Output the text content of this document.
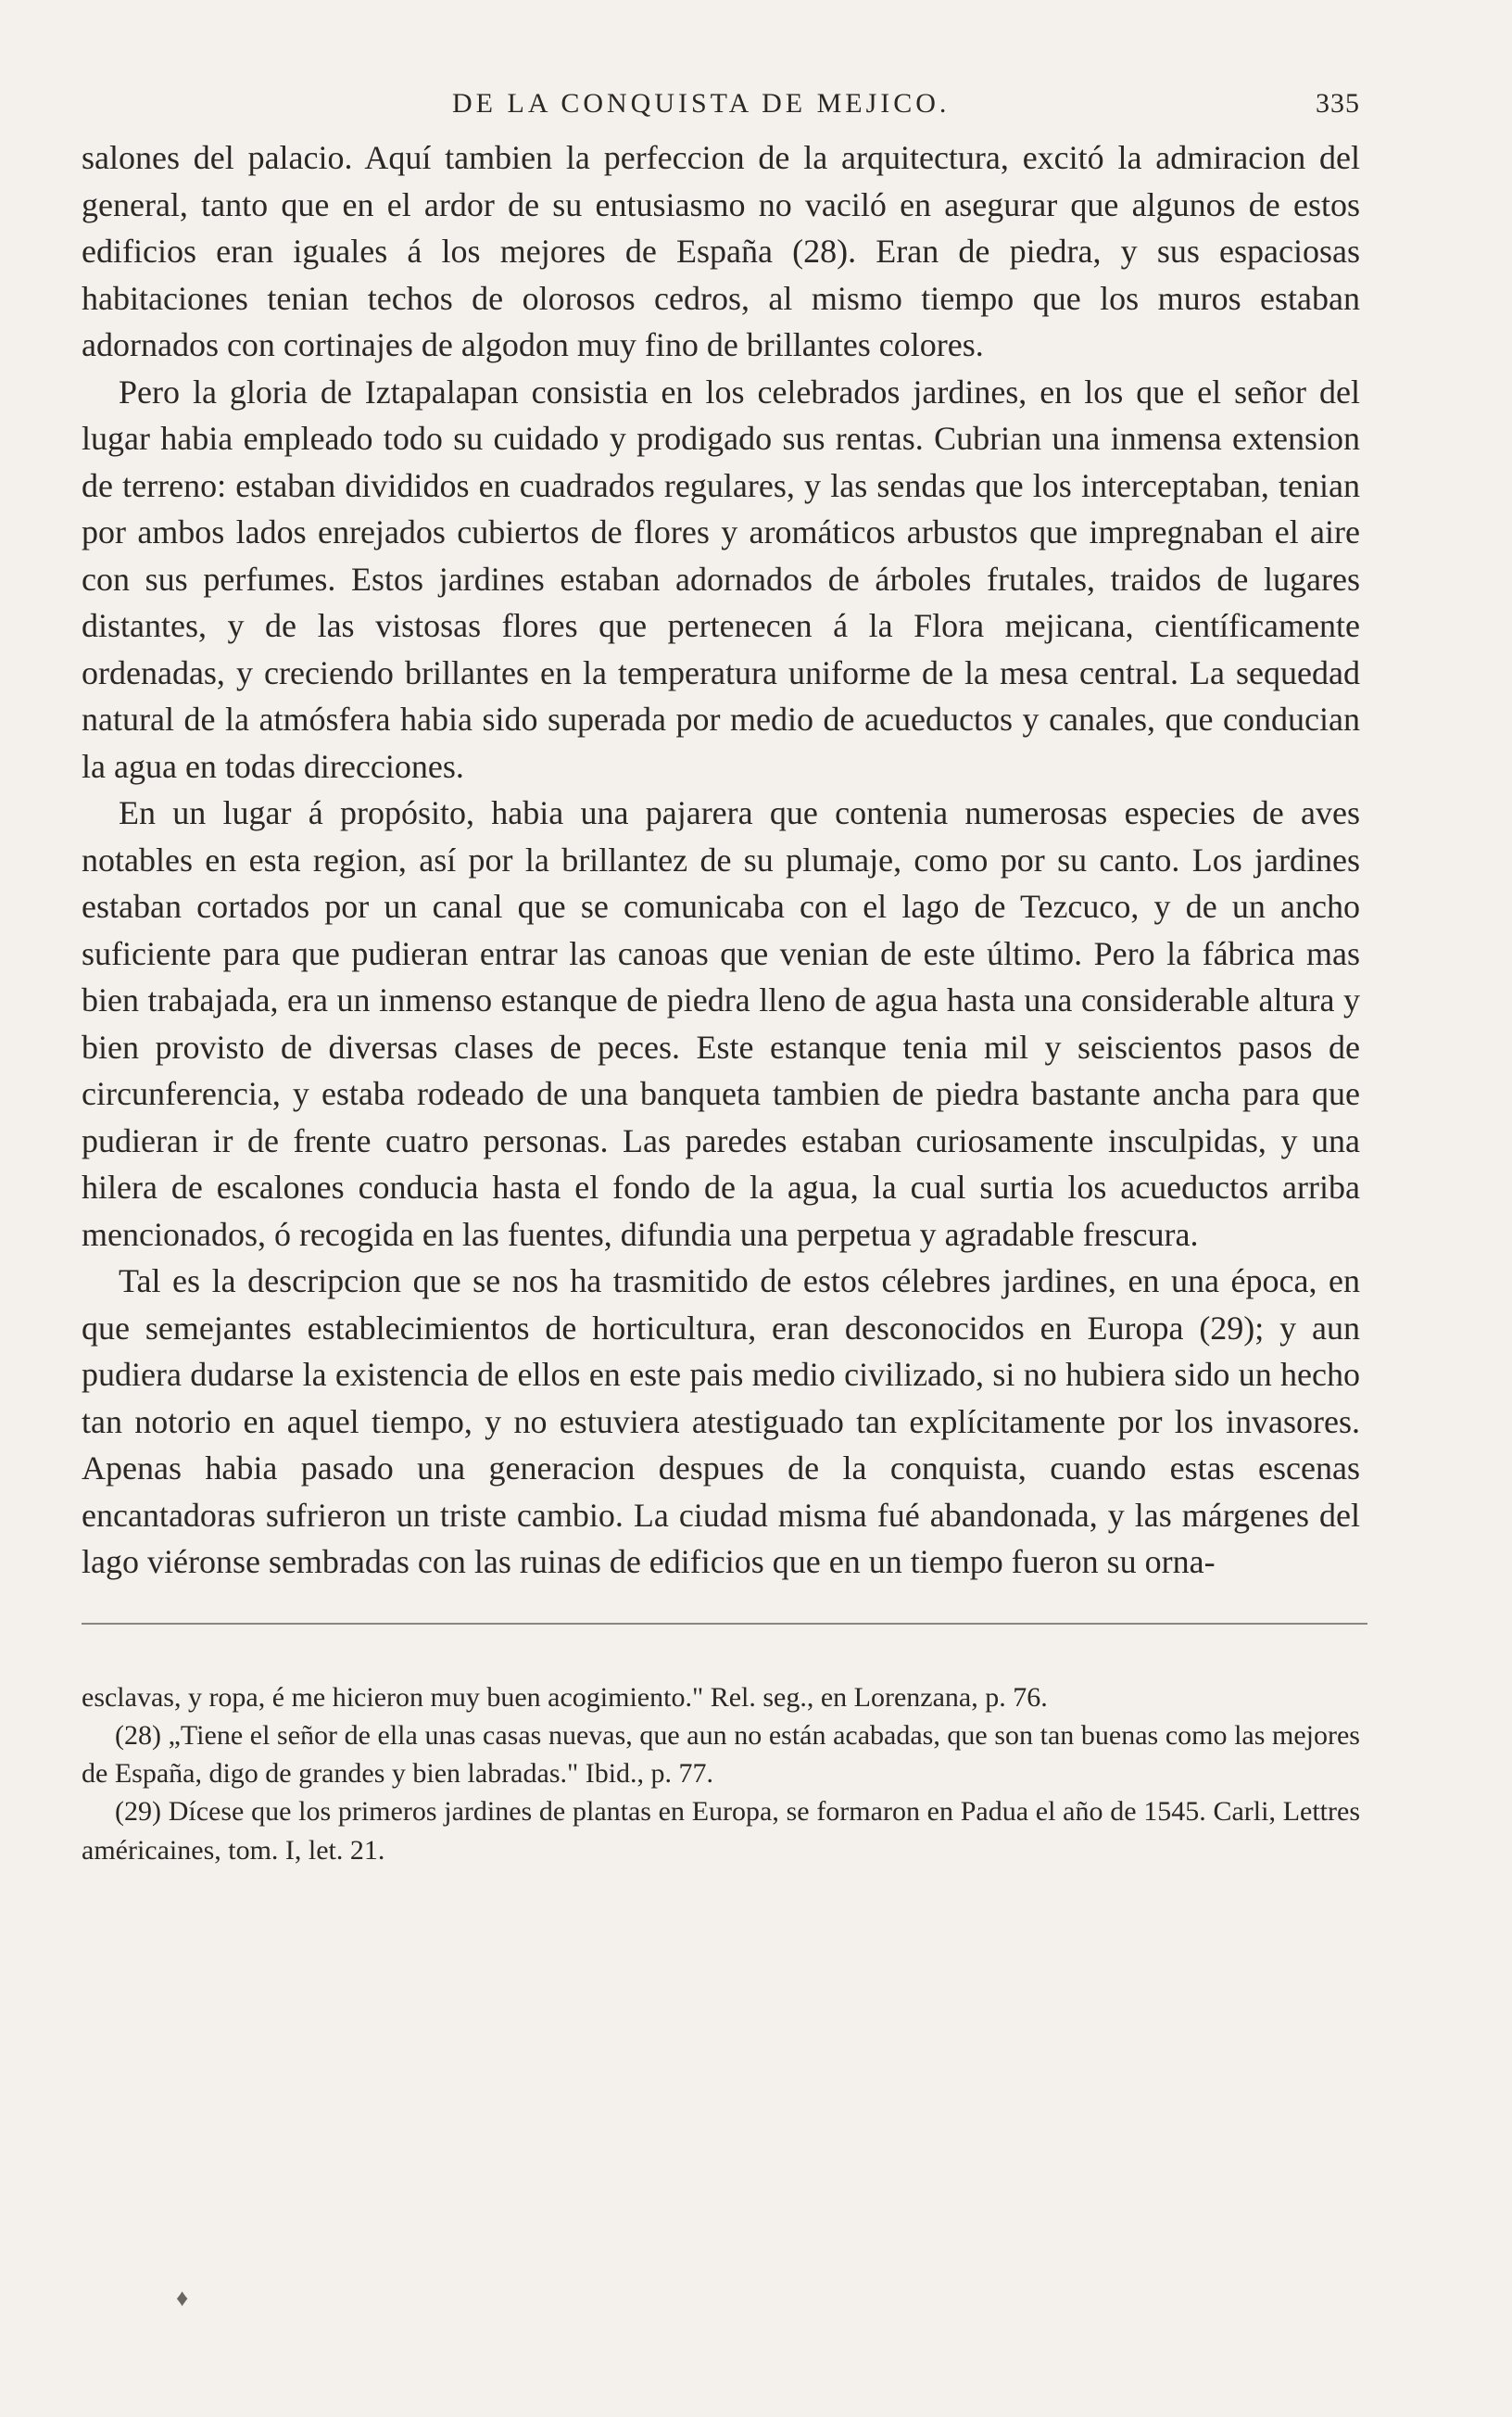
DE LA CONQUISTA DE MEJICO.	335

salones del palacio. Aquí tambien la perfeccion de la arquitectura, excitó la admiracion del general, tanto que en el ardor de su entusiasmo no vaciló en asegurar que algunos de estos edificios eran iguales á los mejores de España (28). Eran de piedra, y sus espaciosas habitaciones tenian techos de olorosos cedros, al mismo tiempo que los muros estaban adornados con cortinajes de algodon muy fino de brillantes colores.

Pero la gloria de Iztapalapan consistia en los celebrados jardines, en los que el señor del lugar habia empleado todo su cuidado y prodigado sus rentas. Cubrian una inmensa extension de terreno: estaban divididos en cuadrados regulares, y las sendas que los interceptaban, tenian por ambos lados enrejados cubiertos de flores y aromáticos arbustos que impregnaban el aire con sus perfumes. Estos jardines estaban adornados de árboles frutales, traidos de lugares distantes, y de las vistosas flores que pertenecen á la Flora mejicana, científicamente ordenadas, y creciendo brillantes en la temperatura uniforme de la mesa central. La sequedad natural de la atmósfera habia sido superada por medio de acueductos y canales, que conducian la agua en todas direcciones.

En un lugar á propósito, habia una pajarera que contenia numerosas especies de aves notables en esta region, así por la brillantez de su plumaje, como por su canto. Los jardines estaban cortados por un canal que se comunicaba con el lago de Tezcuco, y de un ancho suficiente para que pudieran entrar las canoas que venian de este último. Pero la fábrica mas bien trabajada, era un inmenso estanque de piedra lleno de agua hasta una considerable altura y bien provisto de diversas clases de peces. Este estanque tenia mil y seiscientos pasos de circunferencia, y estaba rodeado de una banqueta tambien de piedra bastante ancha para que pudieran ir de frente cuatro personas. Las paredes estaban curiosamente insculpidas, y una hilera de escalones conducia hasta el fondo de la agua, la cual surtia los acueductos arriba mencionados, ó recogida en las fuentes, difundia una perpetua y agradable frescura.

Tal es la descripcion que se nos ha trasmitido de estos célebres jardines, en una época, en que semejantes establecimientos de horticultura, eran desconocidos en Europa (29); y aun pudiera dudarse la existencia de ellos en este pais medio civilizado, si no hubiera sido un hecho tan notorio en aquel tiempo, y no estuviera atestiguado tan explícitamente por los invasores. Apenas habia pasado una generacion despues de la conquista, cuando estas escenas encantadoras sufrieron un triste cambio. La ciudad misma fué abandonada, y las márgenes del lago viéronse sembradas con las ruinas de edificios que en un tiempo fueron su orna-

esclavas, y ropa, é me hicieron muy buen acogimiento." Rel. seg., en Lorenzana, p. 76.

(28) „Tiene el señor de ella unas casas nuevas, que aun no están acabadas, que son tan buenas como las mejores de España, digo de grandes y bien labradas." Ibid., p. 77.

(29) Dícese que los primeros jardines de plantas en Europa, se formaron en Padua el año de 1545. Carli, Lettres américaines, tom. I, let. 21.

♦
